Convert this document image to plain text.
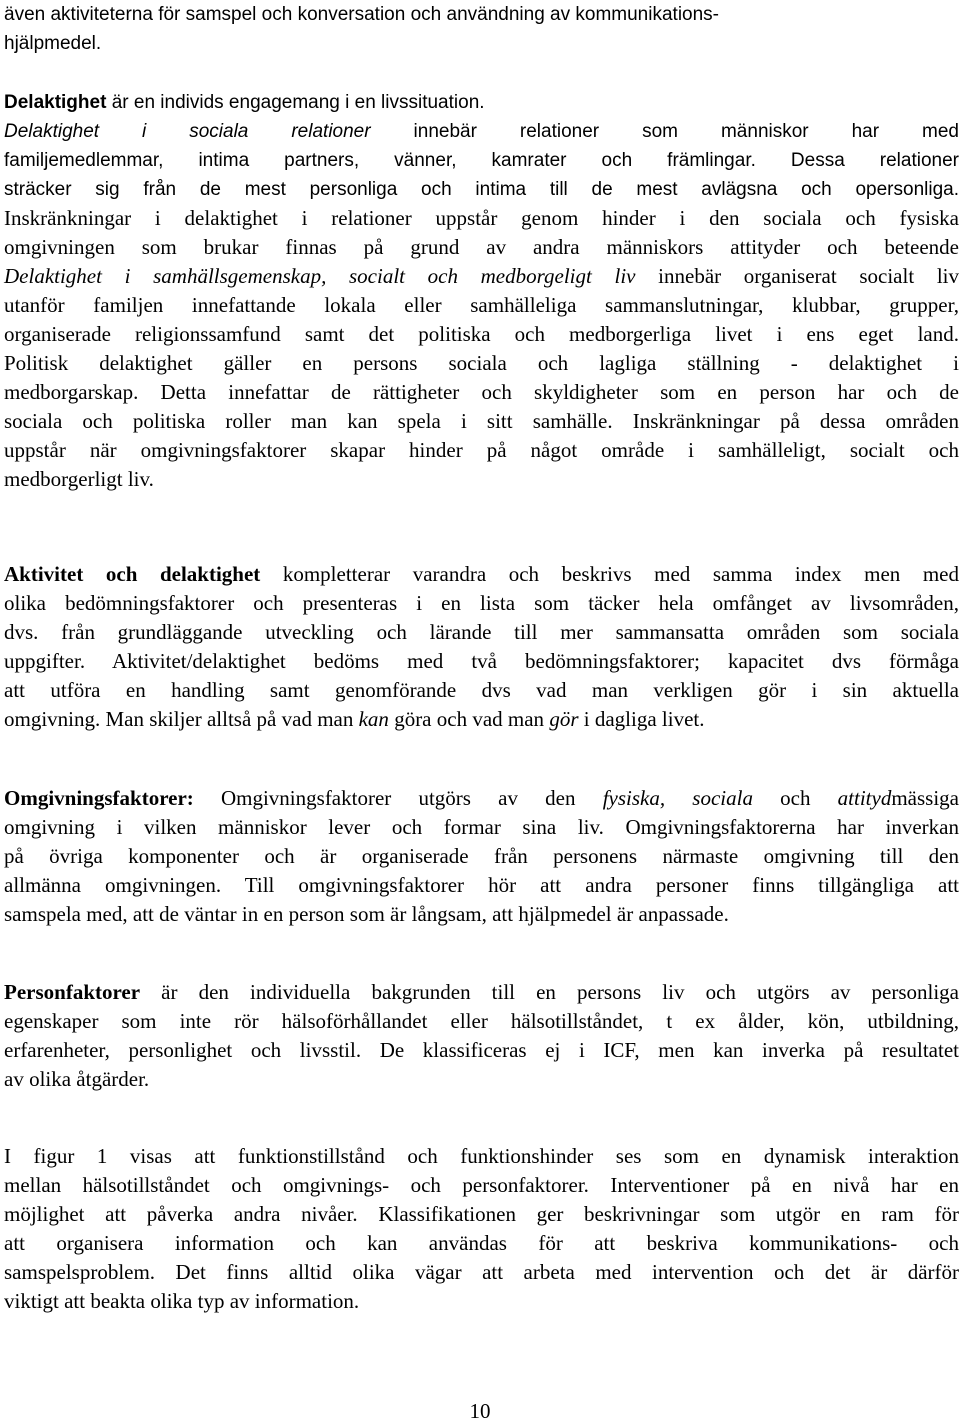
10
även aktiviteterna för samspel och konversation och användning av kommunikations-
hjälpmedel.
Delaktighet är en individs engagemang i en livssituation.
Delaktighet i sociala relationer innebär relationer som människor har med
familjemedlemmar, intima partners, vänner, kamrater och främlingar. Dessa relationer
sträcker sig från de mest personliga och intima till de mest avlägsna och opersonliga.
Inskränkningar i delaktighet i relationer uppstår genom hinder i den sociala och fysiska
omgivningen som brukar finnas på grund av andra människors attityder och beteende
Delaktighet i samhällsgemenskap, socialt och medborgeligt liv innebär organiserat socialt liv
utanför familjen innefattande lokala eller samhälleliga sammanslutningar, klubbar, grupper,
organiserade religionssamfund samt det politiska och medborgerliga livet i ens eget land.
Politisk delaktighet gäller en persons sociala och lagliga ställning - delaktighet i
medborgarskap. Detta innefattar de rättigheter och skyldigheter som en person har och de
sociala och politiska roller man kan spela i sitt samhälle. Inskränkningar på dessa områden
uppstår när omgivningsfaktorer skapar hinder på något område i samhälleligt, socialt och
medborgerligt liv.
Aktivitet och delaktighet kompletterar varandra och beskrivs med samma index men med
olika bedömningsfaktorer och presenteras i en lista som täcker hela omfånget av livsområden,
dvs. från grundläggande utveckling och lärande till mer sammansatta områden som sociala
uppgifter. Aktivitet/delaktighet bedöms med två bedömningsfaktorer; kapacitet dvs förmåga
att utföra en handling samt genomförande dvs vad man verkligen gör i sin aktuella
omgivning. Man skiljer alltså på vad man kan göra och vad man gör i dagliga livet.
Omgivningsfaktorer: Omgivningsfaktorer utgörs av den fysiska, sociala och attitydmässiga
omgivning i vilken människor lever och formar sina liv. Omgivningsfaktorerna har inverkan
på övriga komponenter och är organiserade från personens närmaste omgivning till den
allmänna omgivningen. Till omgivningsfaktorer hör att andra personer finns tillgängliga att
samspela med, att de väntar in en person som är långsam, att hjälpmedel är anpassade.
Personfaktorer är den individuella bakgrunden till en persons liv och utgörs av personliga
egenskaper som inte rör hälsoförhållandet eller hälsotillståndet, t ex ålder, kön, utbildning,
erfarenheter, personlighet och livsstil. De klassificeras ej i ICF, men kan inverka på resultatet
av olika åtgärder.
I figur 1 visas att funktionstillstånd och funktionshinder ses som en dynamisk interaktion
mellan hälsotillståndet och omgivnings- och personfaktorer. Interventioner på en nivå har en
möjlighet att påverka andra nivåer. Klassifikationen ger beskrivningar som utgör en ram för
att organisera information och kan användas för att beskriva kommunikations- och
samspelsproblem. Det finns alltid olika vägar att arbeta med intervention och det är därför
viktigt att beakta olika typ av information.
